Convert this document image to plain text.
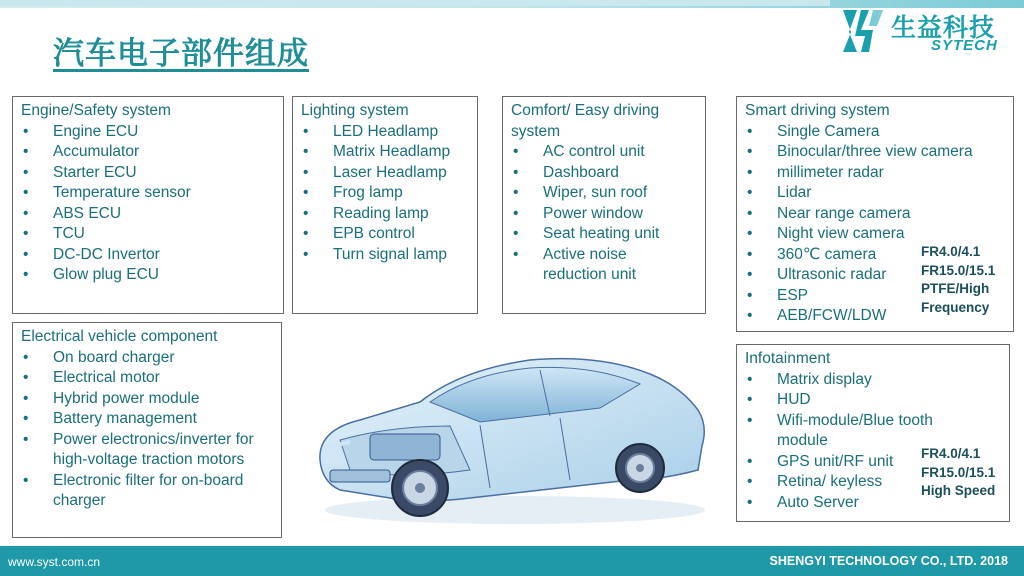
汽车电子部件组成
生益科技
SYTECH
Engine/Safety system
• Engine ECU
• Accumulator
• Starter ECU
• Temperature sensor
• ABS ECU
• TCU
• DC-DC Invertor
• Glow plug ECU
Lighting system
• LED Headlamp
• Matrix Headlamp
• Laser Headlamp
• Frog lamp
• Reading lamp
• EPB control
• Turn signal lamp
Comfort/ Easy driving
system
• AC control unit
• Dashboard
• Wiper, sun roof
• Power window
• Seat heating unit
• Active noise reduction unit
Smart driving system
• Single Camera
• Binocular/three view camera
• millimeter radar
• Lidar
• Near range camera
• Night view camera
• 360℃ camera
• Ultrasonic radar
• ESP
• AEB/FCW/LDW
FR4.0/4.1
FR15.0/15.1
PTFE/High
Frequency
Electrical vehicle component
• On board charger
• Electrical motor
• Hybrid power module
• Battery management
• Power electronics/inverter for high-voltage traction motors
• Electronic filter for on-board charger
Infotainment
• Matrix display
• HUD
• Wifi-module/Blue tooth module
• GPS unit/RF unit
• Retina/ keyless
• Auto Server
FR4.0/4.1
FR15.0/15.1
High Speed
www.syst.com.cn	SHENGYI TECHNOLOGY CO., LTD. 2018
